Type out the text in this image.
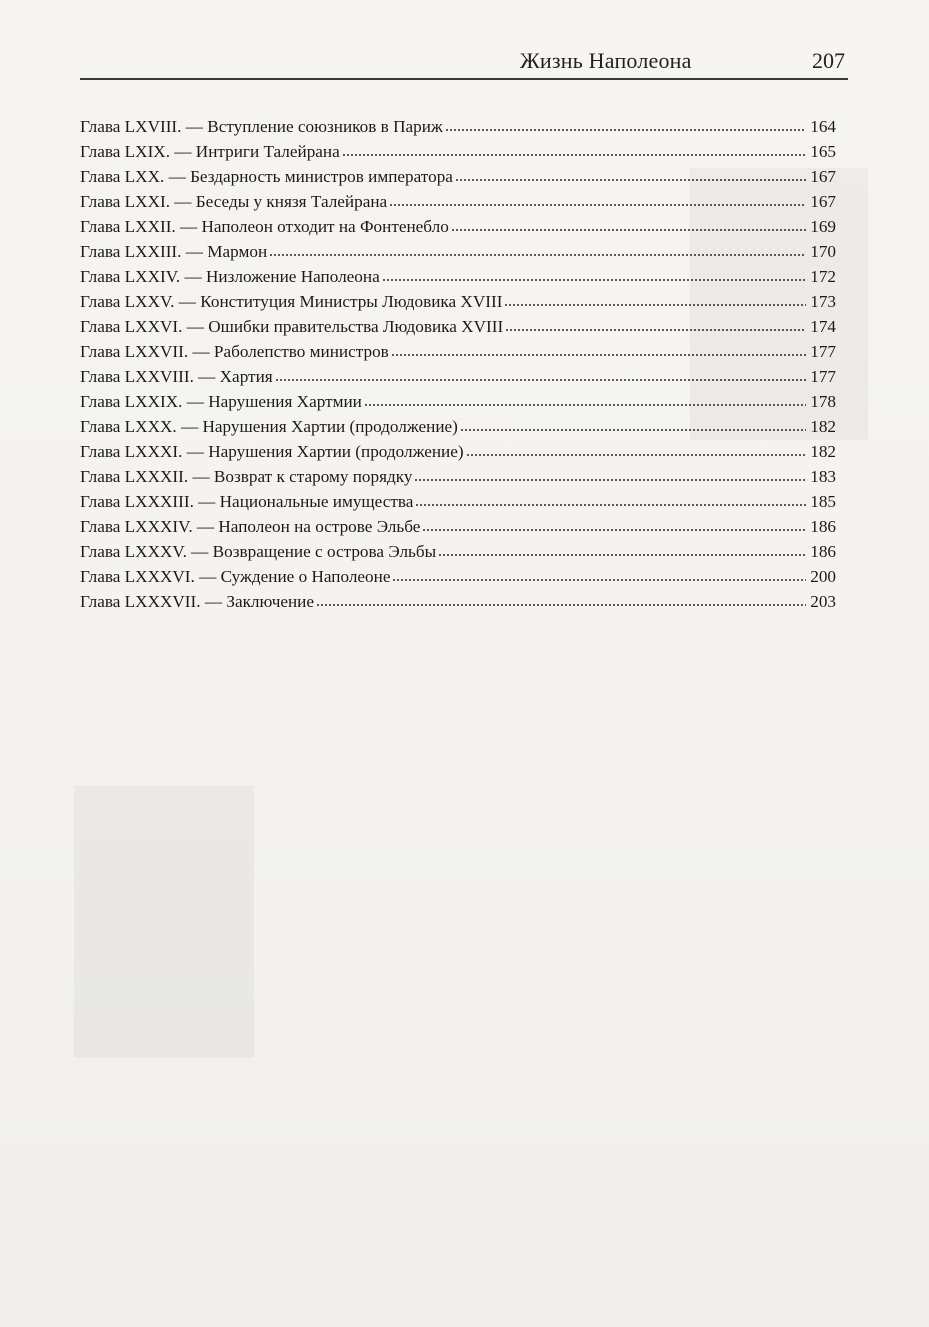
Жизнь Наполеона	207
Глава LXVIII. — Вступление союзников в Париж	164
Глава LXIX. — Интриги Талейрана	165
Глава LXX. — Бездарность министров императора	167
Глава LXXI. — Беседы у князя Талейрана	167
Глава LXXII. — Наполеон отходит на Фонтенебло	169
Глава LXXIII. — Мармон	170
Глава LXXIV. — Низложение Наполеона	172
Глава LXXV. — Конституция Министры Людовика XVIII	173
Глава LXXVI. — Ошибки правительства Людовика XVIII	174
Глава LXXVII. — Раболепство министров	177
Глава LXXVIII. — Хартия	177
Глава LXXIX. — Нарушения Хартмии	178
Глава LXXX. — Нарушения Хартии (продолжение)	182
Глава LXXXI. — Нарушения Хартии (продолжение)	182
Глава LXXXII. — Возврат к старому порядку	183
Глава LXXXIII. — Национальные имущества	185
Глава LXXXIV. — Наполеон на острове Эльбе	186
Глава LXXXV. — Возвращение с острова Эльбы	186
Глава LXXXVI. — Суждение о Наполеоне	200
Глава LXXXVII. — Заключение	203
